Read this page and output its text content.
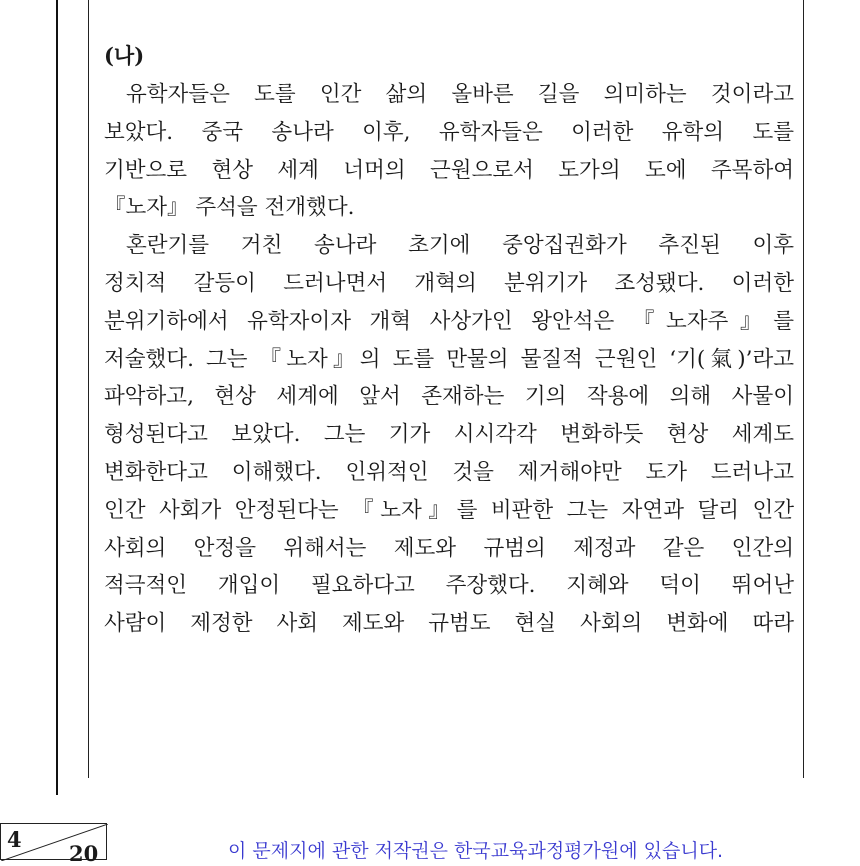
(나)
유학자들은 도를 인간 삶의 올바른 길을 의미하는 것이라고
보았다. 중국 송나라 이후, 유학자들은 이러한 유학의 도를
기반으로 현상 세계 너머의 근원으로서 도가의 도에 주목하여
『노자』 주석을 전개했다.
혼란기를 거친 송나라 초기에 중앙집권화가 추진된 이후
정치적 갈등이 드러나면서 개혁의 분위기가 조성됐다. 이러한
분위기하에서 유학자이자 개혁 사상가인 왕안석은 『노자주』를
저술했다. 그는 『노자』의 도를 만물의 물질적 근원인 ‘기(氣)’라고
파악하고, 현상 세계에 앞서 존재하는 기의 작용에 의해 사물이
형성된다고 보았다. 그는 기가 시시각각 변화하듯 현상 세계도
변화한다고 이해했다. 인위적인 것을 제거해야만 도가 드러나고
인간 사회가 안정된다는 『노자』를 비판한 그는 자연과 달리 인간
사회의 안정을 위해서는 제도와 규범의 제정과 같은 인간의
적극적인 개입이 필요하다고 주장했다. 지혜와 덕이 뛰어난
사람이 제정한 사회 제도와 규범도 현실 사회의 변화에 따라
4
20	이 문제지에 관한 저작권은 한국교육과정평가원에 있습니다.
